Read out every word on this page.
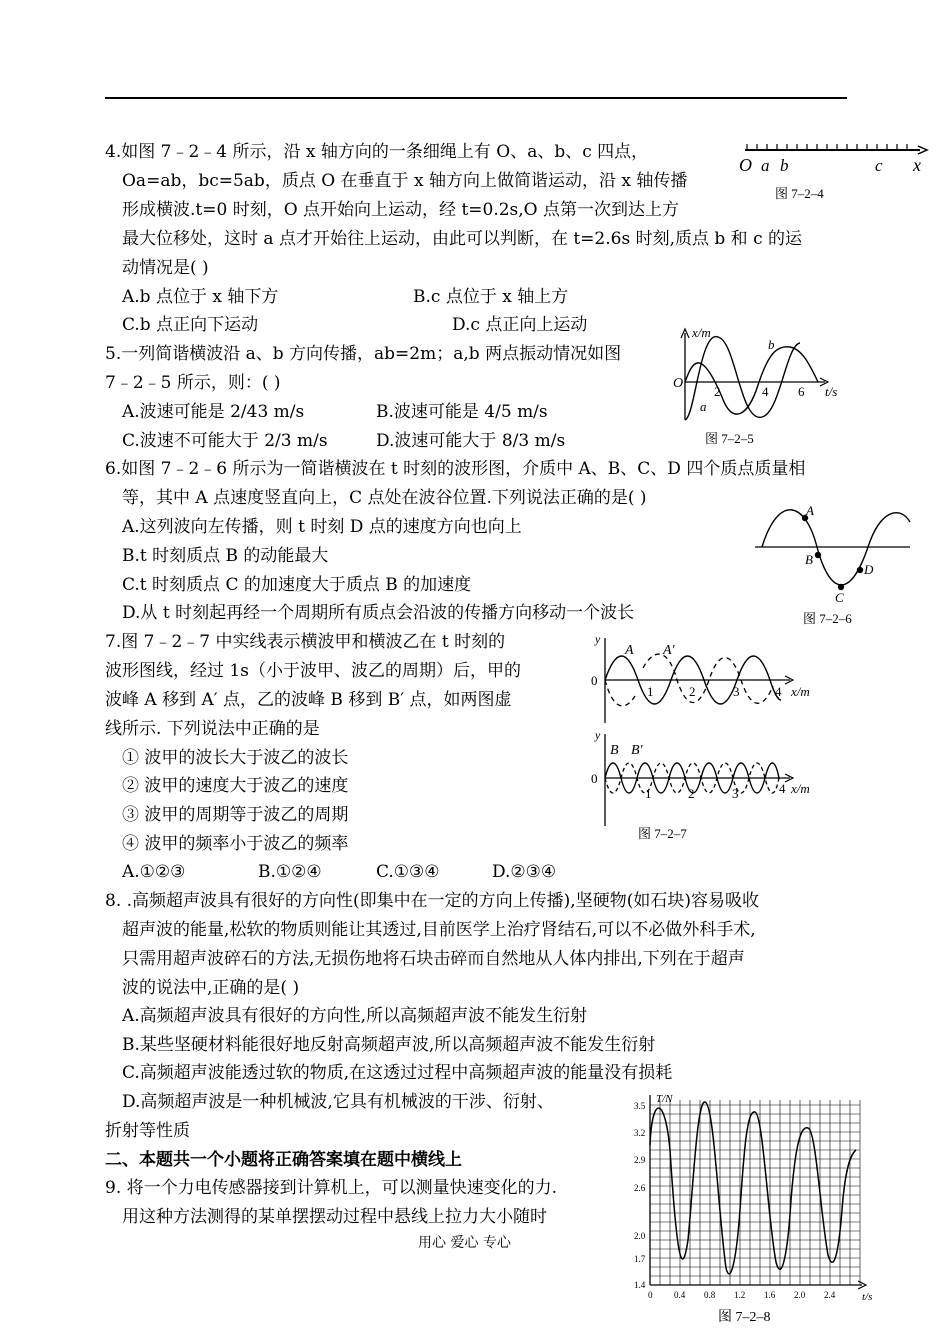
4.如图 7﹣2﹣4 所示，沿 x 轴方向的一条细绳上有 O、a、b、c 四点，
Oa=ab，bc=5ab，质点 O 在垂直于 x 轴方向上做简谐运动，沿 x 轴传播
形成横波.t=0 时刻，O 点开始向上运动，经 t=0.2s,O 点第一次到达上方
最大位移处，这时 a 点才开始往上运动，由此可以判断，在 t=2.6s 时刻,质点 b 和 c 的运
动情况是( )
A.b 点位于 x 轴下方	B.c 点位于 x 轴上方
C.b 点正向下运动	D.c 点正向上运动
O a b	c x
图 7–2–4
5.一列简谐横波沿 a、b 方向传播，ab=2m；a,b 两点振动情况如图
7﹣2﹣5 所示，则：( )
A.波速可能是 2/43 m/s	B.波速可能是 4/5 m/s
C.波速不可能大于 2/3 m/s	D.波速可能大于 8/3 m/s
x/m
O
2	4 6 t/s
b
a
图 7–2–5
6.如图 7﹣2﹣6 所示为一简谐横波在 t 时刻的波形图，介质中 A、B、C、D 四个质点质量相
等，其中 A 点速度竖直向上，C 点处在波谷位置.下列说法正确的是( )
A.这列波向左传播，则 t 时刻 D 点的速度方向也向上
B.t 时刻质点 B 的动能最大
C.t 时刻质点 C 的加速度大于质点 B 的加速度
D.从 t 时刻起再经一个周期所有质点会沿波的传播方向移动一个波长
A
B
C
D
图 7–2–6
7.图 7﹣2﹣7 中实线表示横波甲和横波乙在 t 时刻的
波形图线，经过 1s（小于波甲、波乙的周期）后，甲的
波峰 A 移到 A′ 点，乙的波峰 B 移到 B′ 点，如两图虚
线所示. 下列说法中正确的是
① 波甲的波长大于波乙的波长
② 波甲的速度大于波乙的速度
③ 波甲的周期等于波乙的周期
④ 波甲的频率小于波乙的频率
A.①②③	B.①②④	C.①③④	D.②③④
y
0
A A′
1	2	3	4 x/m
y
0
B B′
1	2	3	4 x/m
图 7–2–7
8. .高频超声波具有很好的方向性(即集中在一定的方向上传播),坚硬物(如石块)容易吸收
超声波的能量,松软的物质则能让其透过,目前医学上治疗肾结石,可以不必做外科手术,
只需用超声波碎石的方法,无损伤地将石块击碎而自然地从人体内排出,下列在于超声
波的说法中,正确的是( )
A.高频超声波具有很好的方向性,所以高频超声波不能发生衍射
B.某些坚硬材料能很好地反射高频超声波,所以高频超声波不能发生衍射
C.高频超声波能透过软的物质,在这透过过程中高频超声波的能量没有损耗
D.高频超声波是一种机械波,它具有机械波的干涉、衍射、
折射等性质
二、本题共一个小题将正确答案填在题中横线上
9. 将一个力电传感器接到计算机上，可以测量快速变化的力.
用这种方法测得的某单摆摆动过程中悬线上拉力大小随时
用心 爱心 专心
T/N
t/s
3.5
3.2
2.9
2.6
2.0
1.7
1.4
0 0.4 0.8 1.2 1.6 2.0 2.4
图 7–2–8
